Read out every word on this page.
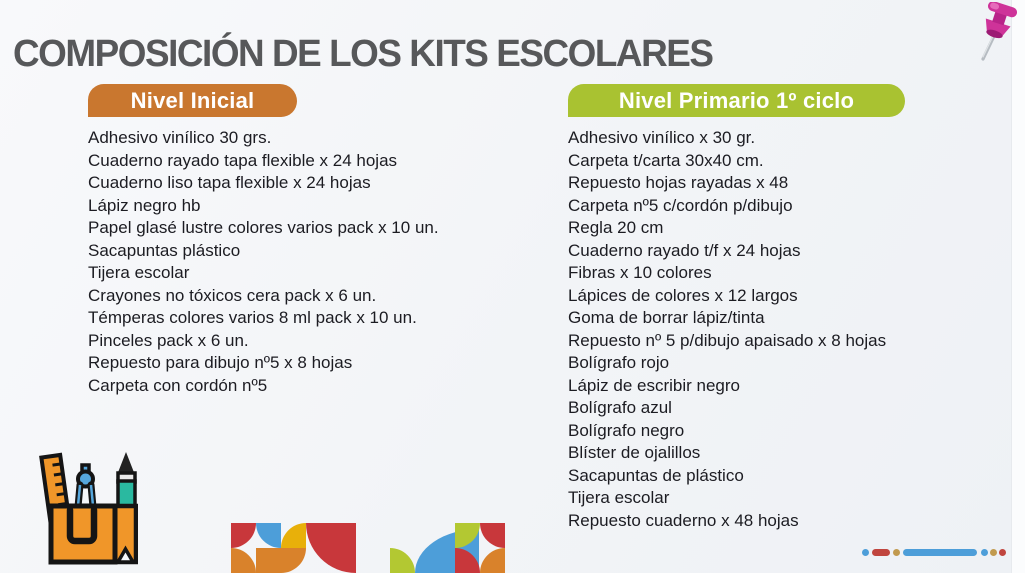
COMPOSICIÓN DE LOS KITS ESCOLARES
Nivel Inicial	Nivel Primario 1º ciclo
Adhesivo vinílico 30 grs.
Cuaderno rayado tapa flexible x 24 hojas
Cuaderno liso tapa flexible x 24 hojas
Lápiz negro hb
Papel glasé lustre colores varios pack x 10 un.
Sacapuntas plástico
Tijera escolar
Crayones no tóxicos cera pack x 6 un.
Témperas colores varios 8 ml pack x 10 un.
Pinceles pack x 6 un.
Repuesto para dibujo nº5 x 8 hojas
Carpeta con cordón nº5
Adhesivo vinílico x 30 gr.
Carpeta t/carta 30x40 cm.
Repuesto hojas rayadas x 48
Carpeta nº5 c/cordón p/dibujo
Regla 20 cm
Cuaderno rayado t/f x 24 hojas
Fibras x 10 colores
Lápices de colores x 12 largos
Goma de borrar lápiz/tinta
Repuesto nº 5 p/dibujo apaisado x 8 hojas
Bolígrafo rojo
Lápiz de escribir negro
Bolígrafo azul
Bolígrafo negro
Blíster de ojalillos
Sacapuntas de plástico
Tijera escolar
Repuesto cuaderno x 48 hojas
